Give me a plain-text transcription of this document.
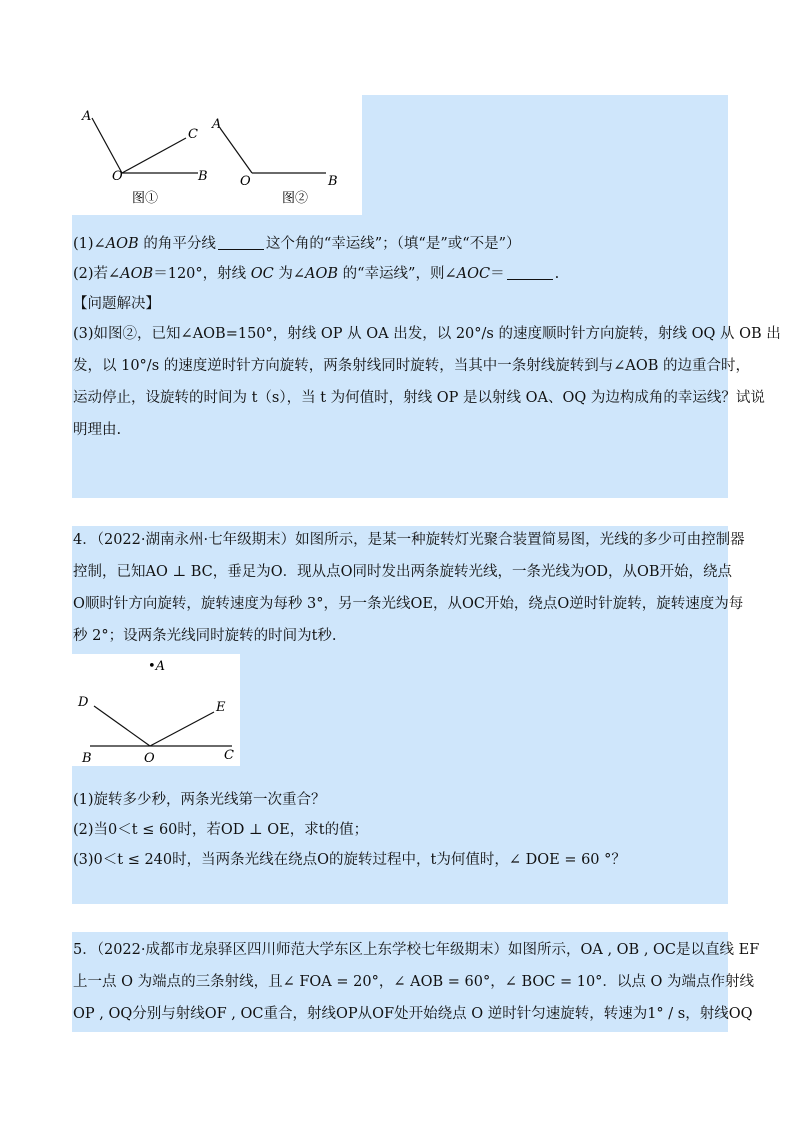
A
C
O	B
图①
A
O	B
图②
(1)∠AOB 的角平分线	这个角的“幸运线”；（填“是”或“不是”）
(2)若∠AOB＝120°，射线 OC 为∠AOB 的“幸运线”，则∠AOC＝	.
【问题解决】
(3)如图②，已知∠AOB=150°，射线 OP 从 OA 出发，以 20°/s 的速度顺时针方向旋转，射线 OQ 从 OB 出
发，以 10°/s 的速度逆时针方向旋转，两条射线同时旋转，当其中一条射线旋转到与∠AOB 的边重合时，
运动停止，设旋转的时间为 t（s），当 t 为何值时，射线 OP 是以射线 OA、OQ 为边构成角的幸运线？试说
明理由.
4．（2022·湖南永州·七年级期末）如图所示，是某一种旋转灯光聚合装置简易图，光线的多少可由控制器
控制，已知AO ⊥ BC，垂足为O．现从点O同时发出两条旋转光线，一条光线为OD，从OB开始，绕点
O顺时针方向旋转，旋转速度为每秒 3°，另一条光线OE，从OC开始，绕点O逆时针旋转，旋转速度为每
秒 2°；设两条光线同时旋转的时间为t秒.
•A
D	E
B	O	C
(1)旋转多少秒，两条光线第一次重合？
(2)当0＜t ≤ 60时，若OD ⊥ OE，求t的值；
(3)0＜t ≤ 240时，当两条光线在绕点O的旋转过程中，t为何值时，∠ DOE = 60 °？
5．（2022·成都市龙泉驿区四川师范大学东区上东学校七年级期末）如图所示，OA , OB , OC是以直线 EF
上一点 O 为端点的三条射线，且∠ FOA = 20°，∠ AOB = 60°，∠ BOC = 10°．以点 O 为端点作射线
OP , OQ分别与射线OF , OC重合，射线OP从OF处开始绕点 O 逆时针匀速旋转，转速为1° / s，射线OQ
